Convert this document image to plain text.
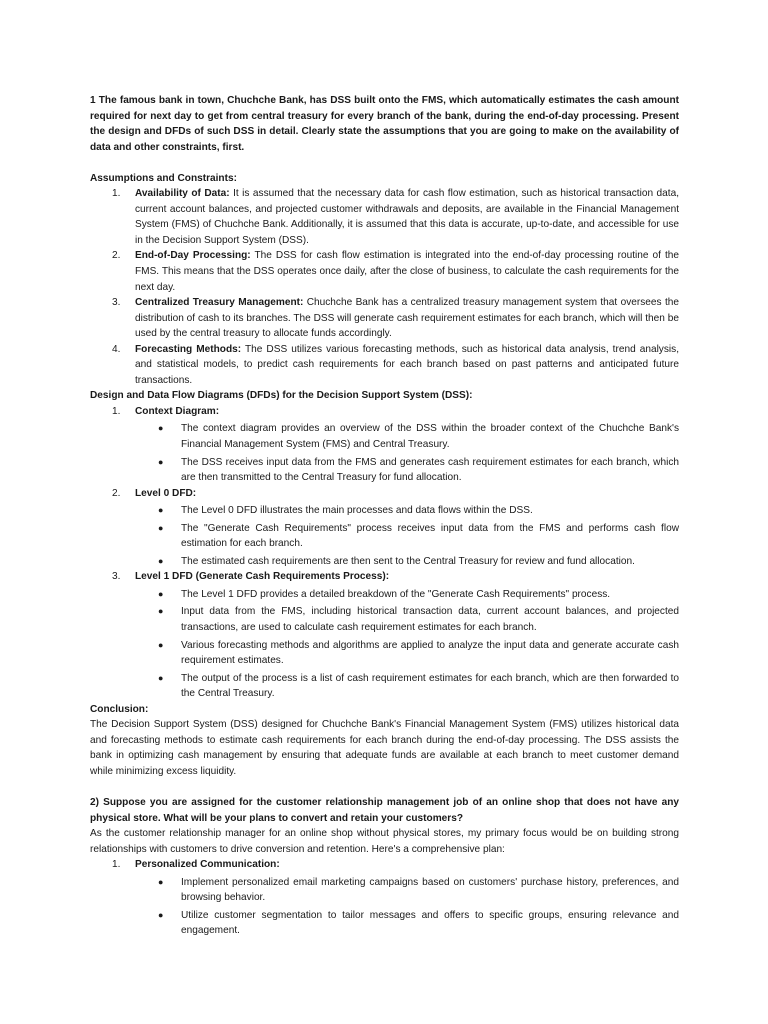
1 The famous bank in town, Chuchche Bank, has DSS built onto the FMS, which automatically estimates the cash amount required for next day to get from central treasury for every branch of the bank, during the end-of-day processing. Present the design and DFDs of such DSS in detail. Clearly state the assumptions that you are going to make on the availability of data and other constraints, first.

Assumptions and Constraints:

1. Availability of Data: It is assumed that the necessary data for cash flow estimation, such as historical transaction data, current account balances, and projected customer withdrawals and deposits, are available in the Financial Management System (FMS) of Chuchche Bank. Additionally, it is assumed that this data is accurate, up-to-date, and accessible for use in the Decision Support System (DSS).
2. End-of-Day Processing: The DSS for cash flow estimation is integrated into the end-of-day processing routine of the FMS. This means that the DSS operates once daily, after the close of business, to calculate the cash requirements for the next day.
3. Centralized Treasury Management: Chuchche Bank has a centralized treasury management system that oversees the distribution of cash to its branches. The DSS will generate cash requirement estimates for each branch, which will then be used by the central treasury to allocate funds accordingly.
4. Forecasting Methods: The DSS utilizes various forecasting methods, such as historical data analysis, trend analysis, and statistical models, to predict cash requirements for each branch based on past patterns and anticipated future transactions.

Design and Data Flow Diagrams (DFDs) for the Decision Support System (DSS):

1. Context Diagram:
● The context diagram provides an overview of the DSS within the broader context of the Chuchche Bank's Financial Management System (FMS) and Central Treasury.
● The DSS receives input data from the FMS and generates cash requirement estimates for each branch, which are then transmitted to the Central Treasury for fund allocation.
2. Level 0 DFD:
● The Level 0 DFD illustrates the main processes and data flows within the DSS.
● The "Generate Cash Requirements" process receives input data from the FMS and performs cash flow estimation for each branch.
● The estimated cash requirements are then sent to the Central Treasury for review and fund allocation.
3. Level 1 DFD (Generate Cash Requirements Process):
● The Level 1 DFD provides a detailed breakdown of the "Generate Cash Requirements" process.
● Input data from the FMS, including historical transaction data, current account balances, and projected transactions, are used to calculate cash requirement estimates for each branch.
● Various forecasting methods and algorithms are applied to analyze the input data and generate accurate cash requirement estimates.
● The output of the process is a list of cash requirement estimates for each branch, which are then forwarded to the Central Treasury.

Conclusion:

The Decision Support System (DSS) designed for Chuchche Bank's Financial Management System (FMS) utilizes historical data and forecasting methods to estimate cash requirements for each branch during the end-of-day processing. The DSS assists the bank in optimizing cash management by ensuring that adequate funds are available at each branch to meet customer demand while minimizing excess liquidity.

2) Suppose you are assigned for the customer relationship management job of an online shop that does not have any physical store. What will be your plans to convert and retain your customers?

As the customer relationship manager for an online shop without physical stores, my primary focus would be on building strong relationships with customers to drive conversion and retention. Here's a comprehensive plan:

1. Personalized Communication:
● Implement personalized email marketing campaigns based on customers' purchase history, preferences, and browsing behavior.
● Utilize customer segmentation to tailor messages and offers to specific groups, ensuring relevance and engagement.
